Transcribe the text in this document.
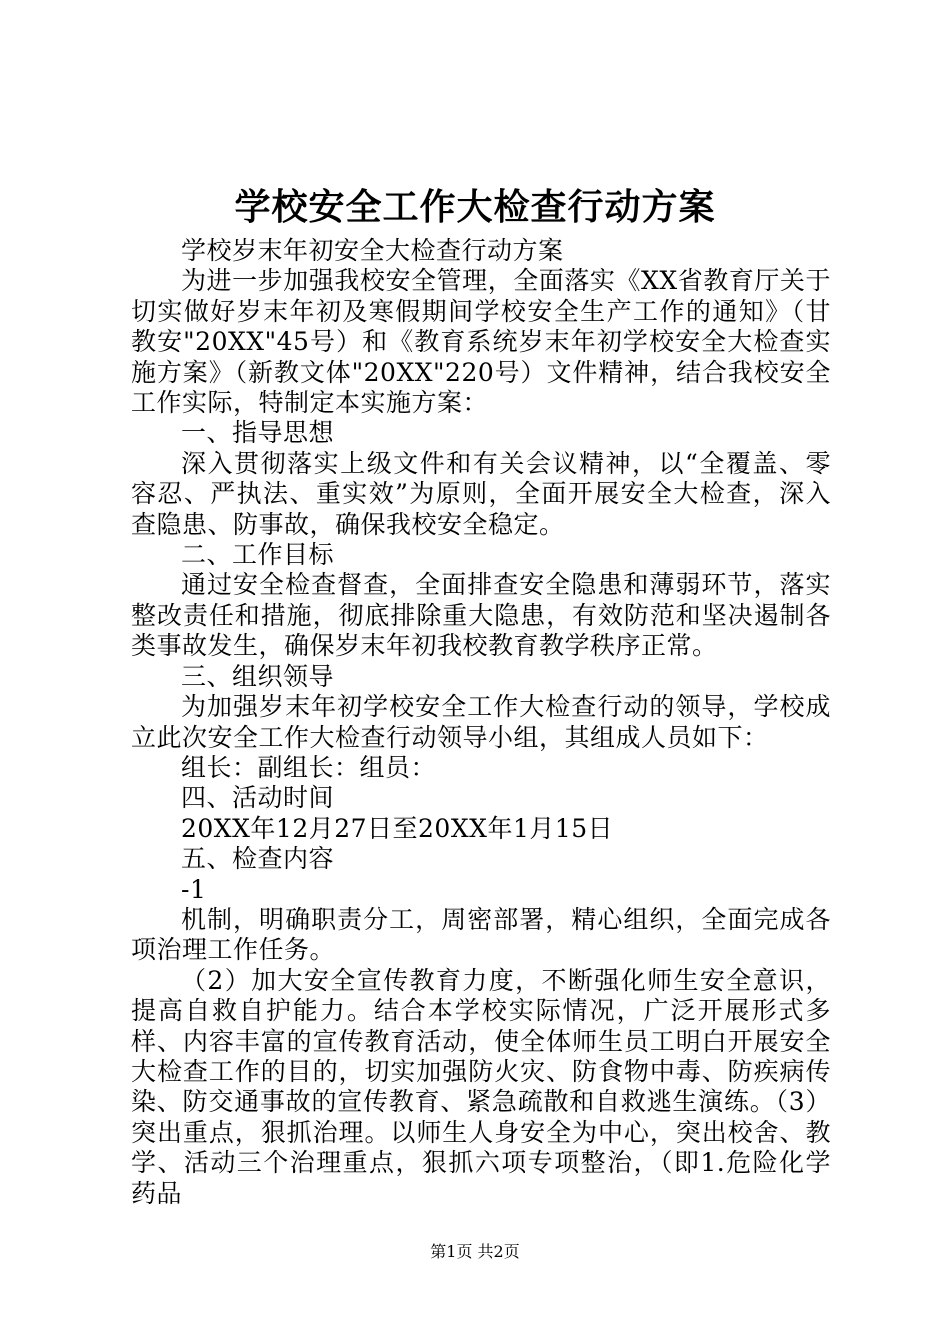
学校安全工作大检查行动方案

学校岁末年初安全大检查行动方案

为进一步加强我校安全管理，全面落实《XX省教育厅关于切实做好岁末年初及寒假期间学校安全生产工作的通知》（甘教安"20XX"45号）和《教育系统岁末年初学校安全大检查实施方案》（新教文体"20XX"220号）文件精神，结合我校安全工作实际，特制定本实施方案：

一、指导思想

深入贯彻落实上级文件和有关会议精神，以“全覆盖、零容忍、严执法、重实效”为原则，全面开展安全大检查，深入查隐患、防事故，确保我校安全稳定。

二、工作目标

通过安全检查督查，全面排查安全隐患和薄弱环节，落实整改责任和措施，彻底排除重大隐患，有效防范和坚决遏制各类事故发生，确保岁末年初我校教育教学秩序正常。

三、组织领导

为加强岁末年初学校安全工作大检查行动的领导，学校成立此次安全工作大检查行动领导小组，其组成人员如下：

组长：副组长：组员：

四、活动时间

20XX年12月27日至20XX年1月15日

五、检查内容

-1

机制，明确职责分工，周密部署，精心组织，全面完成各项治理工作任务。

（2）加大安全宣传教育力度，不断强化师生安全意识，提高自救自护能力。结合本学校实际情况，广泛开展形式多样、内容丰富的宣传教育活动，使全体师生员工明白开展安全大检查工作的目的，切实加强防火灾、防食物中毒、防疾病传染、防交通事故的宣传教育、紧急疏散和自救逃生演练。（3）突出重点，狠抓治理。以师生人身安全为中心，突出校舍、教学、活动三个治理重点，狠抓六项专项整治，（即1.危险化学药品

第1页 共2页
